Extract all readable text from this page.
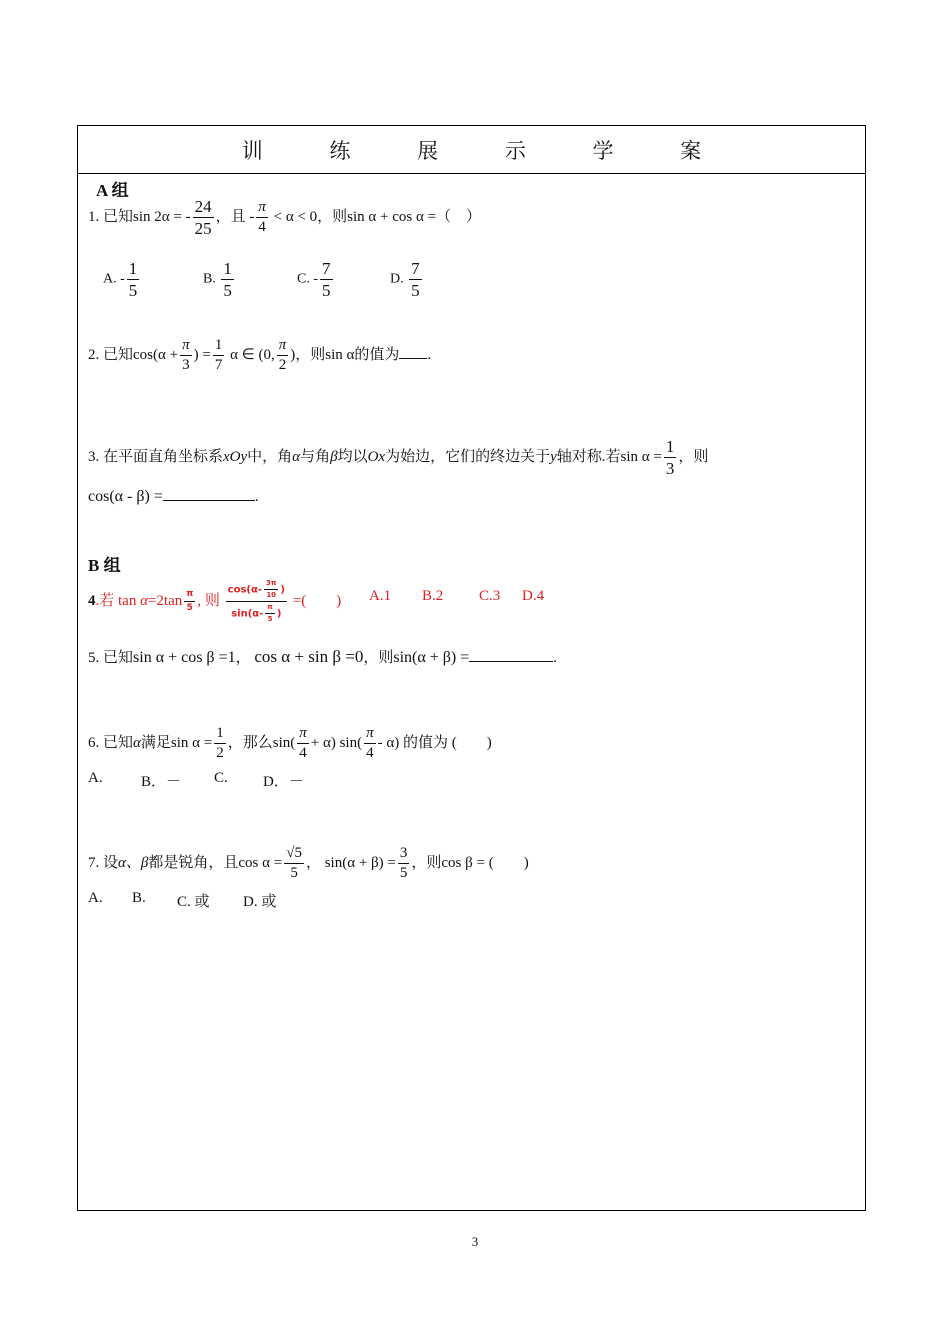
训 练 展 示 学 案
A 组
1. 已知sin 2α = - $\frac{24}{25}$ ，且 - $\frac{\pi}{4} < \alpha < 0$，则sin α + cos α =（　）
A. - $\frac{1}{5}$	B. $\frac{1}{5}$	C. - $\frac{7}{5}$	D. $\frac{7}{5}$
2. 已知$\cos(\alpha + \frac{\pi}{3}$ ) = $\frac{1}{7}$ α ∈ (0, $\frac{\pi}{2}$ )，则sin α的值为 .
3. 在平面直角坐标系xOy中，角α与角β均以Ox为始边，它们的终边关于y轴对称.若$\sin \alpha = \frac{1}{3}$ ，则
cos(α - β) =	.
B 组
4.若 $\tan \alpha=2\tan \frac{\pi}{5}$ , 则 $\frac{\cos(\alpha- \frac{3\pi}{10} )}{\sin(\alpha- \frac{\pi}{5} )}$ =(　　) A.1 B.2 C.3 D.4
5. 已知sin α + cos β =1， cos α + sin β =0，则sin(α + β) =	.
6. 已知α满足$\sin \alpha = \frac{1}{2}$ ，那么$\sin( \frac{\pi}{4} + \alpha)$ $\sin( \frac{\pi}{4} - \alpha)$ 的值为 (　　)
A.	B．－ C. D．－
7. 设α、β都是锐角，且$\cos \alpha = \frac{√5}{5}$ ， $\sin(\alpha + \beta) = \frac{3}{5}$ ，则cos β = (　　)
A. B. C. 或 D. 或
3
